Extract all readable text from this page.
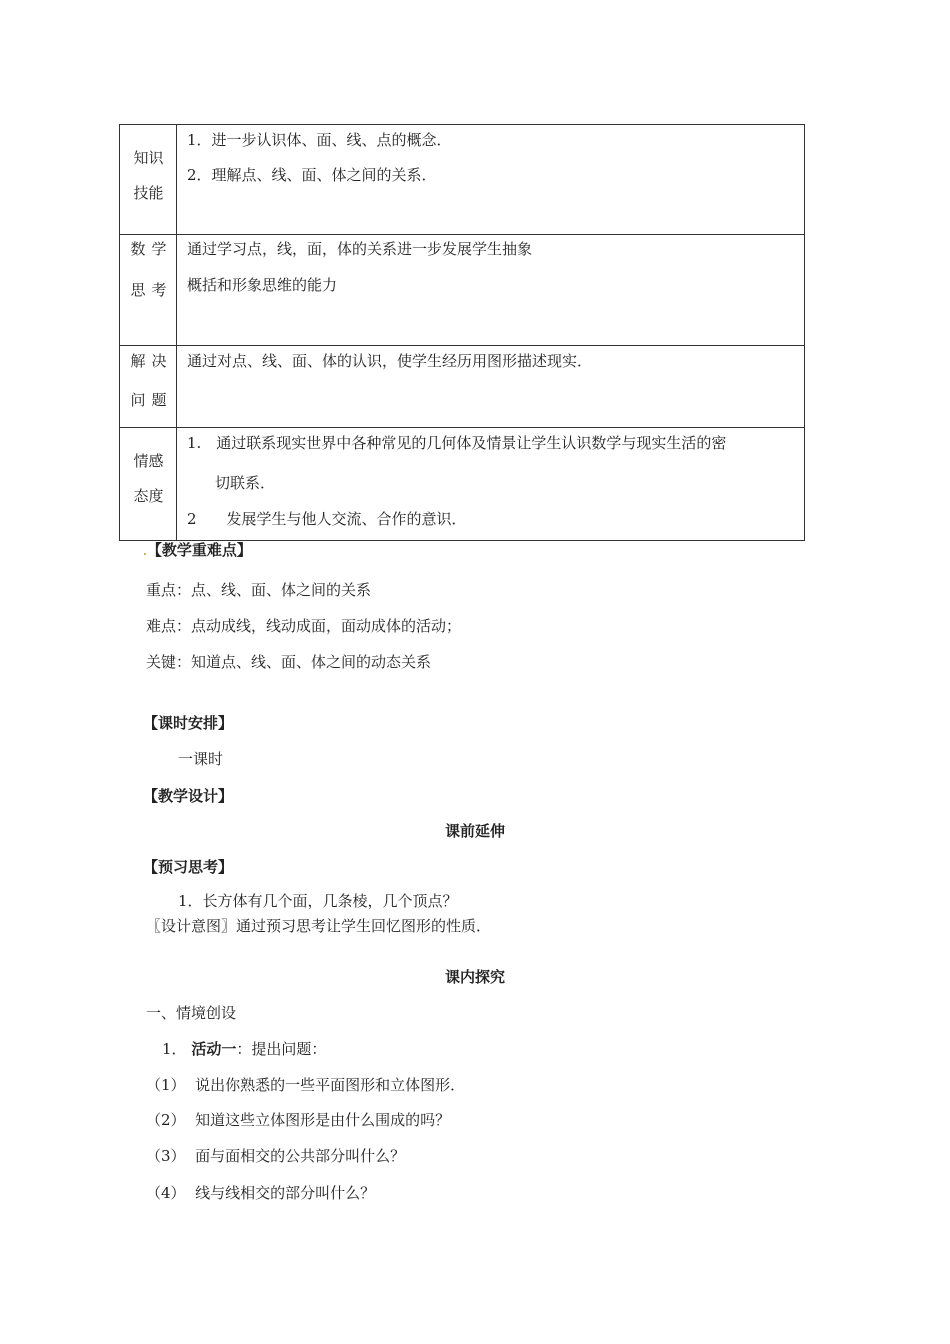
知识
技能	1．进一步认识体、面、线、点的概念．
2．理解点、线、面、体之间的关系．

数学
思考	通过学习点，线，面，体的关系进一步发展学生抽象
概括和形象思维的能力

解决
问题	通过对点、线、面、体的认识，使学生经历用图形描述现实．

情感
态度	1.　通过联系现实世界中各种常见的几何体及情景让学生认识数学与现实生活的密
切联系．
2　　发展学生与他人交流、合作的意识．
.【教学重难点】
重点：点、线、面、体之间的关系
难点：点动成线，线动成面，面动成体的活动；
关键：知道点、线、面、体之间的动态关系
【课时安排】
一课时
【教学设计】
课前延伸
【预习思考】
1．长方体有几个面，几条棱，几个顶点？
〖设计意图〗通过预习思考让学生回忆图形的性质．
课内探究
一、情境创设
1． 活动一：提出问题：
（1） 说出你熟悉的一些平面图形和立体图形．
（2） 知道这些立体图形是由什么围成的吗？
（3） 面与面相交的公共部分叫什么？
（4） 线与线相交的部分叫什么？
